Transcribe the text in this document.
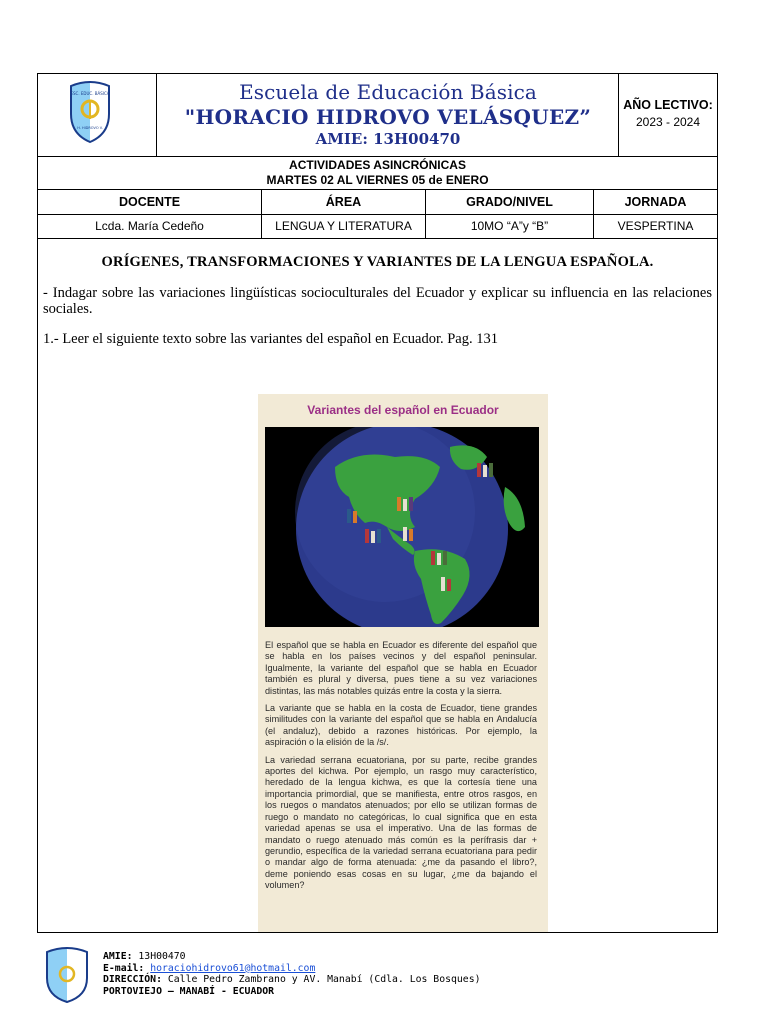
ESC. EDUC. BÁSICA
H. HIDROVO V.
Escuela de Educación Básica
"HORACIO HIDROVO VELÁSQUEZ”
AMIE: 13H00470
AÑO LECTIVO:
2023 - 2024
ACTIVIDADES ASINCRÓNICAS
MARTES 02 AL VIERNES 05 de ENERO
DOCENTE	ÁREA	GRADO/NIVEL	JORNADA
Lcda. María Cedeño	LENGUA Y LITERATURA	10MO “A”y “B”	VESPERTINA
ORÍGENES, TRANSFORMACIONES Y VARIANTES DE LA LENGUA ESPAÑOLA.
- Indagar sobre las variaciones lingüísticas socioculturales del Ecuador y explicar su influencia en las relaciones sociales.
1.- Leer el siguiente texto sobre las variantes del español en Ecuador. Pag. 131
Variantes del español en Ecuador

El español que se habla en Ecuador es diferente del español que se habla en los países vecinos y del español peninsular. Igualmente, la variante del español que se habla en Ecuador también es plural y diversa, pues tiene a su vez variaciones distintas, las más notables quizás entre la costa y la sierra.

La variante que se habla en la costa de Ecuador, tiene grandes similitudes con la variante del español que se habla en Andalucía (el andaluz), debido a razones históricas. Por ejemplo, la aspiración o la elisión de la /s/.

La variedad serrana ecuatoriana, por su parte, recibe grandes aportes del kichwa. Por ejemplo, un rasgo muy característico, heredado de la lengua kichwa, es que la cortesía tiene una importancia primordial, que se manifiesta, entre otros rasgos, en los ruegos o mandatos atenuados; por ello se utilizan formas de ruego o mandato no categóricas, lo cual significa que en esta variedad apenas se usa el imperativo. Una de las formas de mandato o ruego atenuado más común es la perífrasis dar + gerundio, específica de la variedad serrana ecuatoriana para pedir o mandar algo de forma atenuada: ¿me da pasando el libro?, deme poniendo esas cosas en su lugar, ¿me da bajando el volumen?

AMIE: 13H00470
E-mail: horaciohidrovo61@hotmail.com
DIRECCIÓN: Calle Pedro Zambrano y AV. Manabí (Cdla. Los Bosques)
PORTOVIEJO – MANABÍ - ECUADOR
